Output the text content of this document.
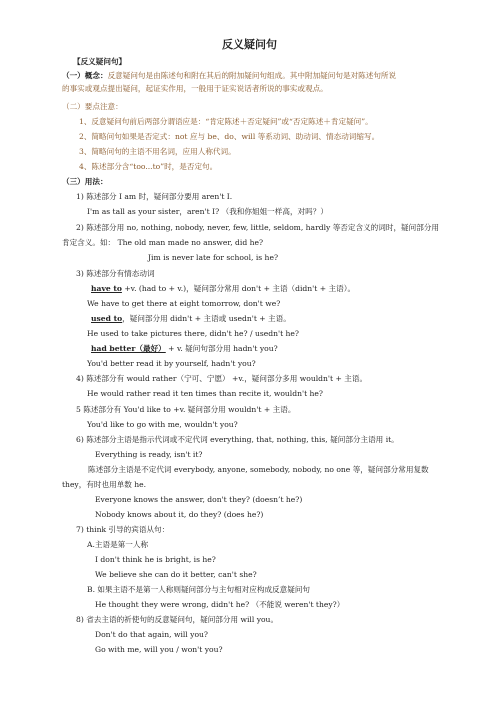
反义疑问句
【反义疑问句】
（一）概念：反意疑问句是由陈述句和附在其后的附加疑问句组成。其中附加疑问句是对陈述句所说
的事实或观点提出疑问，起证实作用，一般用于证实说话者所说的事实或观点。
（二）要点注意：
1、反意疑问句前后两部分谓语应是：“肯定陈述＋否定疑问”或“否定陈述＋肯定疑问”。
2、简略问句如果是否定式：not 应与 be、do、will 等系动词、助动词、情态动词缩写。
3、简略问句的主语不用名词，应用人称代词。
4、陈述部分含“too...to”时，是否定句。
（三）用法：
1) 陈述部分 I am 时，疑问部分要用 aren't I.
I'm as tall as your sister，aren't I? （我和你姐姐一样高，对吗？）
2) 陈述部分用 no, nothing, nobody, never, few, little, seldom, hardly 等否定含义的词时，疑问部分用
肯定含义。如： The old man made no answer, did he?
Jim is never late for school, is he?
3) 陈述部分有情态动词
have to +v. (had to + v.)，疑问部分常用 don't + 主语（didn't + 主语）。
We have to get there at eight tomorrow, don't we?
used to，疑问部分用 didn't + 主语或 usedn't + 主语。
He used to take pictures there, didn't he? / usedn't he?
had better（最好） + v. 疑问句部分用 hadn't you?
You'd better read it by yourself, hadn't you?
4) 陈述部分有 would rather（宁可、宁愿） +v.，疑问部分多用 wouldn't + 主语。
He would rather read it ten times than recite it, wouldn't he?
5 陈述部分有 You'd like to +v. 疑问部分用 wouldn't + 主语。
You'd like to go with me, wouldn't you?
6) 陈述部分主语是指示代词或不定代词 everything, that, nothing, this, 疑问部分主语用 it。
Everything is ready, isn't it?
陈述部分主语是不定代词 everybody, anyone, somebody, nobody, no one 等，疑问部分常用复数
they，有时也用单数 he.
Everyone knows the answer, don't they? (doesn’t he?)
Nobody knows about it, do they? (does he?)
7) think 引导的宾语从句：
A.主语是第一人称
I don't think he is bright, is he?
We believe she can do it better, can't she?
B. 如果主语不是第一人称则疑问部分与主句相对应构成反意疑问句
He thought they were wrong, didn't he? （不能说 weren't they?）
8) 省去主语的祈使句的反意疑问句，疑问部分用 will you。
Don't do that again, will you?
Go with me, will you / won't you?
